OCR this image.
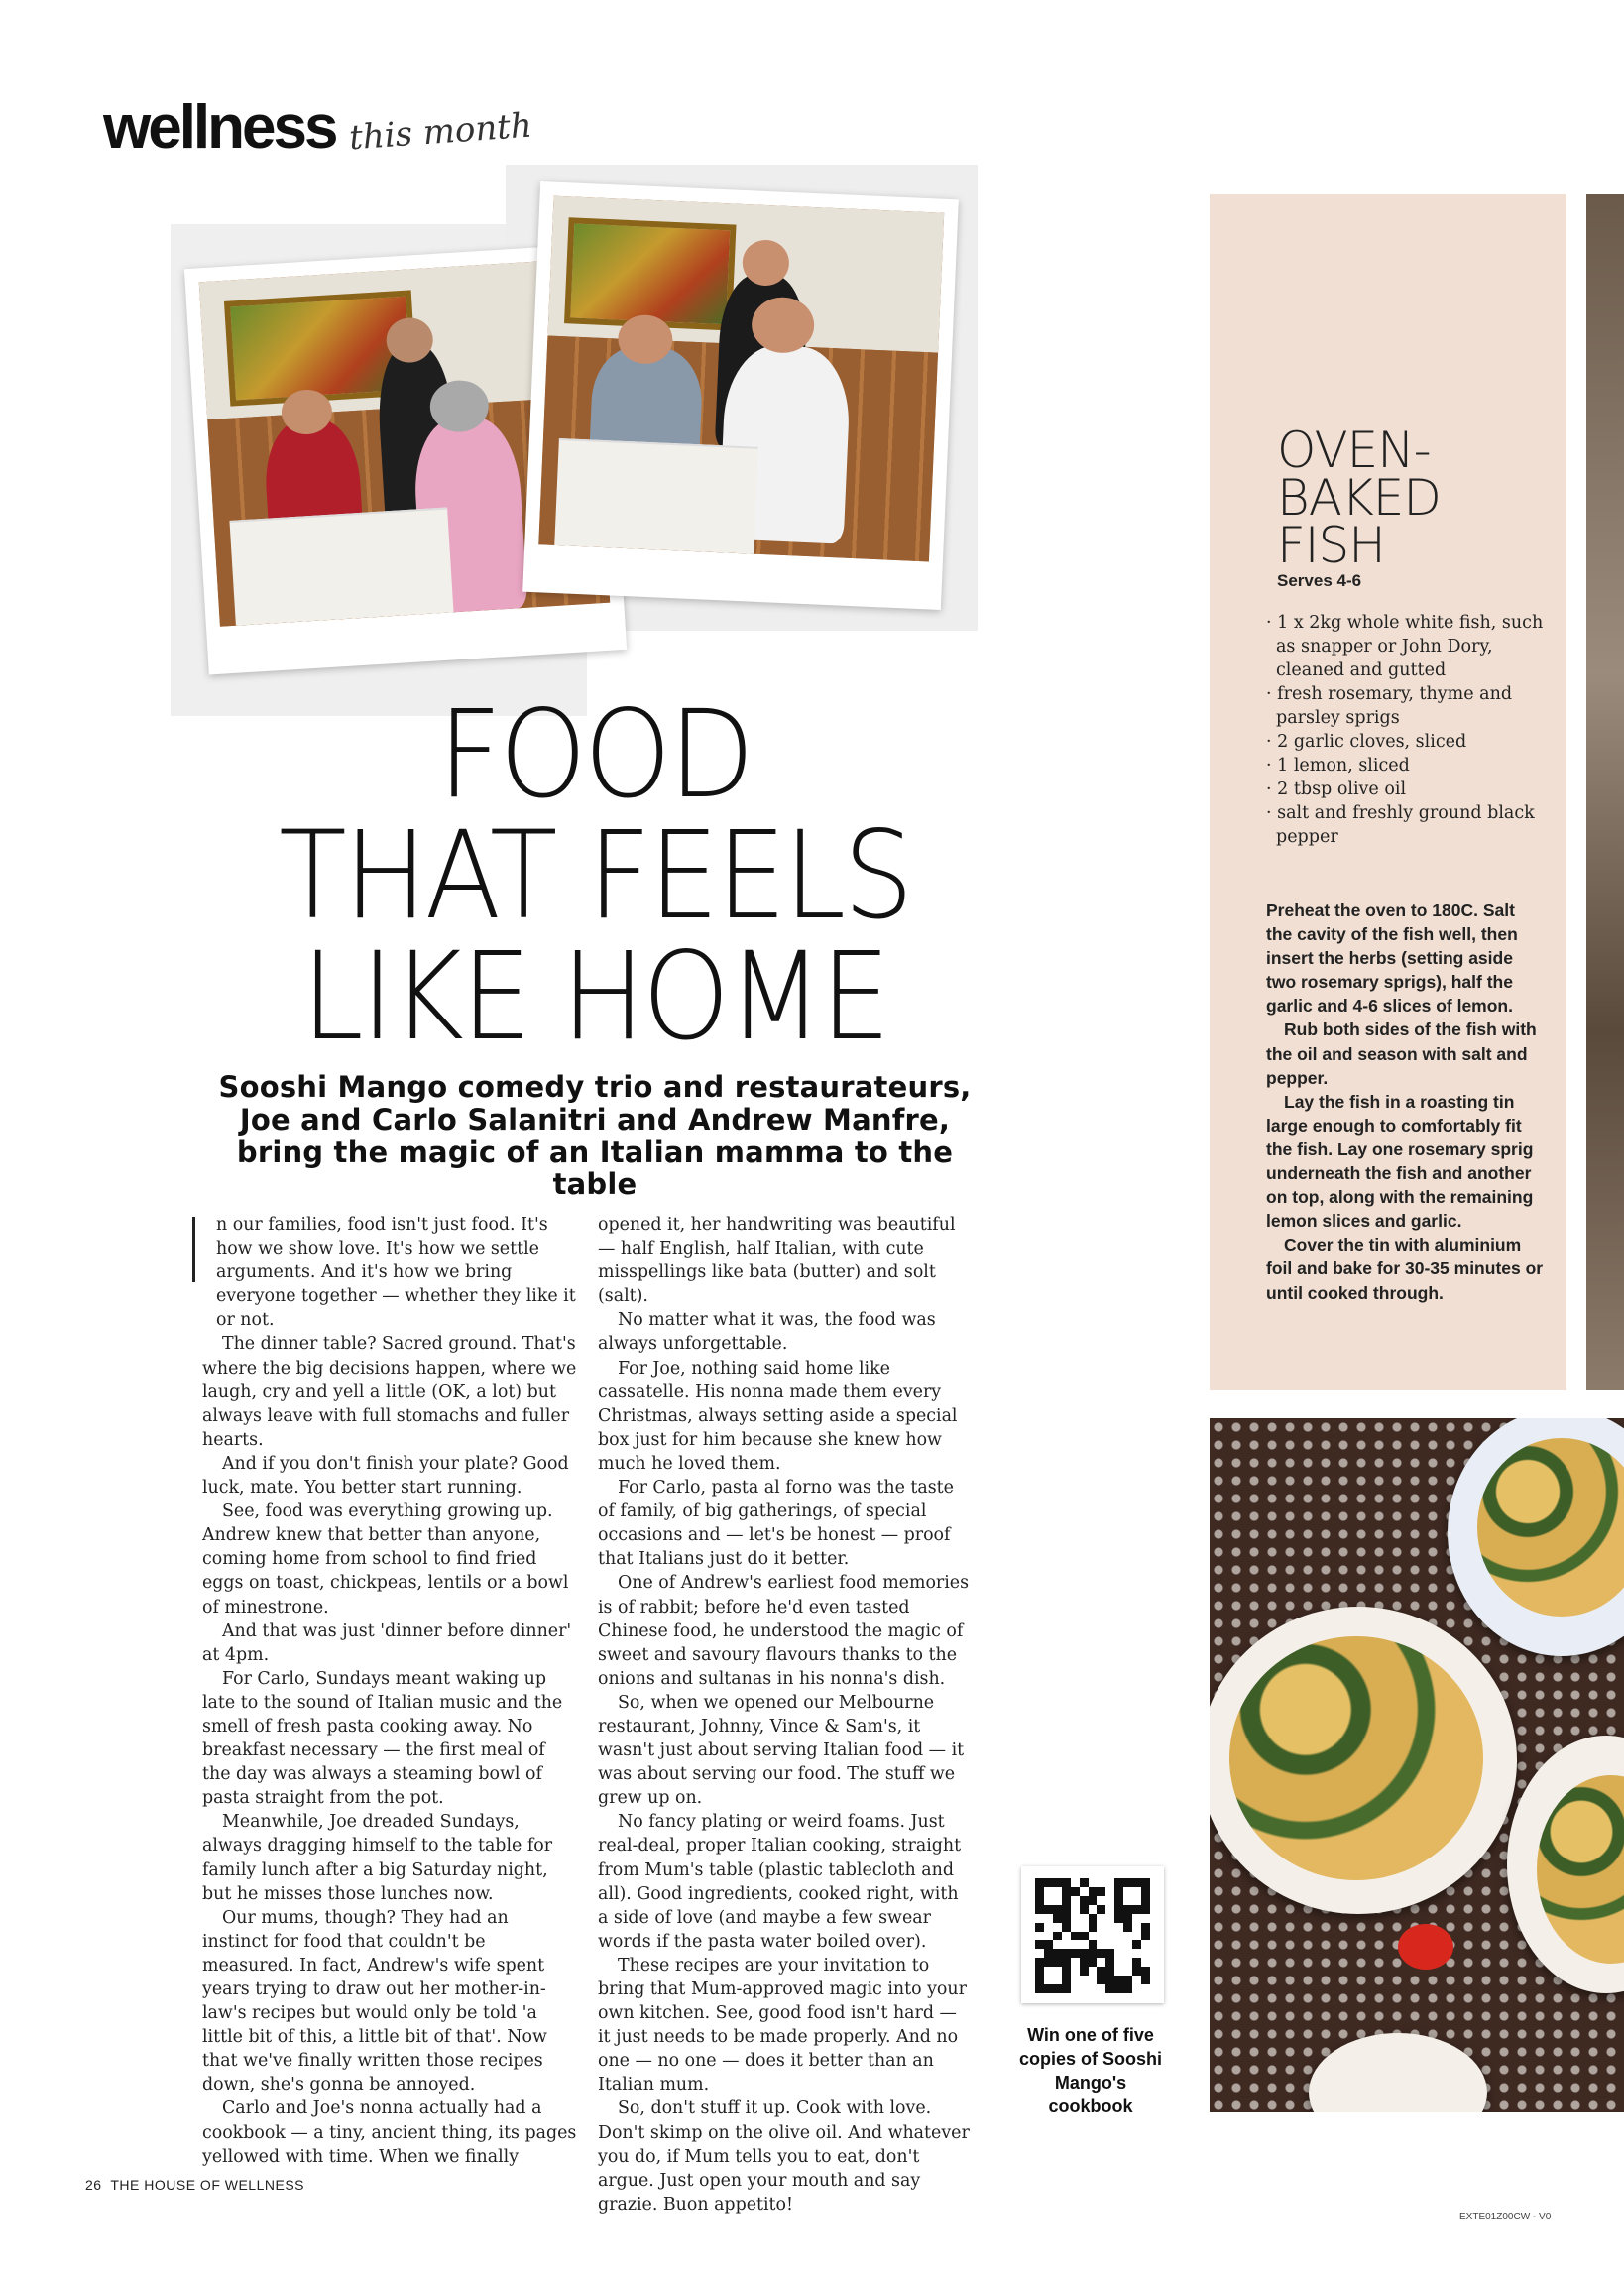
wellness this month
FOOD
THAT FEELS
LIKE HOME
Sooshi Mango comedy trio and restaurateurs, Joe and Carlo Salanitri and Andrew Manfre, bring the magic of an Italian mamma to the table

n our families, food isn't just food. It's how we show love. It's how we settle arguments. And it's how we bring everyone together — whether they like it or not.

The dinner table? Sacred ground. That's where the big decisions happen, where we laugh, cry and yell a little (OK, a lot) but always leave with full stomachs and fuller hearts.

And if you don't finish your plate? Good luck, mate. You better start running.

See, food was everything growing up. Andrew knew that better than anyone, coming home from school to find fried eggs on toast, chickpeas, lentils or a bowl of minestrone.

And that was just 'dinner before dinner' at 4pm.

For Carlo, Sundays meant waking up late to the sound of Italian music and the smell of fresh pasta cooking away. No breakfast necessary — the first meal of the day was always a steaming bowl of pasta straight from the pot.

Meanwhile, Joe dreaded Sundays, always dragging himself to the table for family lunch after a big Saturday night, but he misses those lunches now.

Our mums, though? They had an instinct for food that couldn't be measured. In fact, Andrew's wife spent years trying to draw out her mother-in-law's recipes but would only be told 'a little bit of this, a little bit of that'. Now that we've finally written those recipes down, she's gonna be annoyed.

Carlo and Joe's nonna actually had a cookbook — a tiny, ancient thing, its pages yellowed with time. When we finally

opened it, her handwriting was beautiful — half English, half Italian, with cute misspellings like bata (butter) and solt (salt).

No matter what it was, the food was always unforgettable.

For Joe, nothing said home like cassatelle. His nonna made them every Christmas, always setting aside a special box just for him because she knew how much he loved them.

For Carlo, pasta al forno was the taste of family, of big gatherings, of special occasions and — let's be honest — proof that Italians just do it better.

One of Andrew's earliest food memories is of rabbit; before he'd even tasted Chinese food, he understood the magic of sweet and savoury flavours thanks to the onions and sultanas in his nonna's dish.

So, when we opened our Melbourne restaurant, Johnny, Vince & Sam's, it wasn't just about serving Italian food — it was about serving our food. The stuff we grew up on.

No fancy plating or weird foams. Just real-deal, proper Italian cooking, straight from Mum's table (plastic tablecloth and all). Good ingredients, cooked right, with a side of love (and maybe a few swear words if the pasta water boiled over).

These recipes are your invitation to bring that Mum-approved magic into your own kitchen. See, good food isn't hard — it just needs to be made properly. And no one — no one — does it better than an Italian mum.

So, don't stuff it up. Cook with love. Don't skimp on the olive oil. And whatever you do, if Mum tells you to eat, don't argue. Just open your mouth and say grazie. Buon appetito!

Win one of five copies of Sooshi Mango's cookbook
OVEN-
BAKED
FISH
Serves 4-6
· 1 x 2kg whole white fish, such as snapper or John Dory, cleaned and gutted
· fresh rosemary, thyme and parsley sprigs
· 2 garlic cloves, sliced
· 1 lemon, sliced
· 2 tbsp olive oil
· salt and freshly ground black pepper

Preheat the oven to 180C. Salt the cavity of the fish well, then insert the herbs (setting aside two rosemary sprigs), half the garlic and 4-6 slices of lemon.

Rub both sides of the fish with the oil and season with salt and pepper.

Lay the fish in a roasting tin large enough to comfortably fit the fish. Lay one rosemary sprig underneath the fish and another on top, along with the remaining lemon slices and garlic.

Cover the tin with aluminium foil and bake for 30-35 minutes or until cooked through.

26 THE HOUSE OF WELLNESS
EXTE01Z00CW - V0
